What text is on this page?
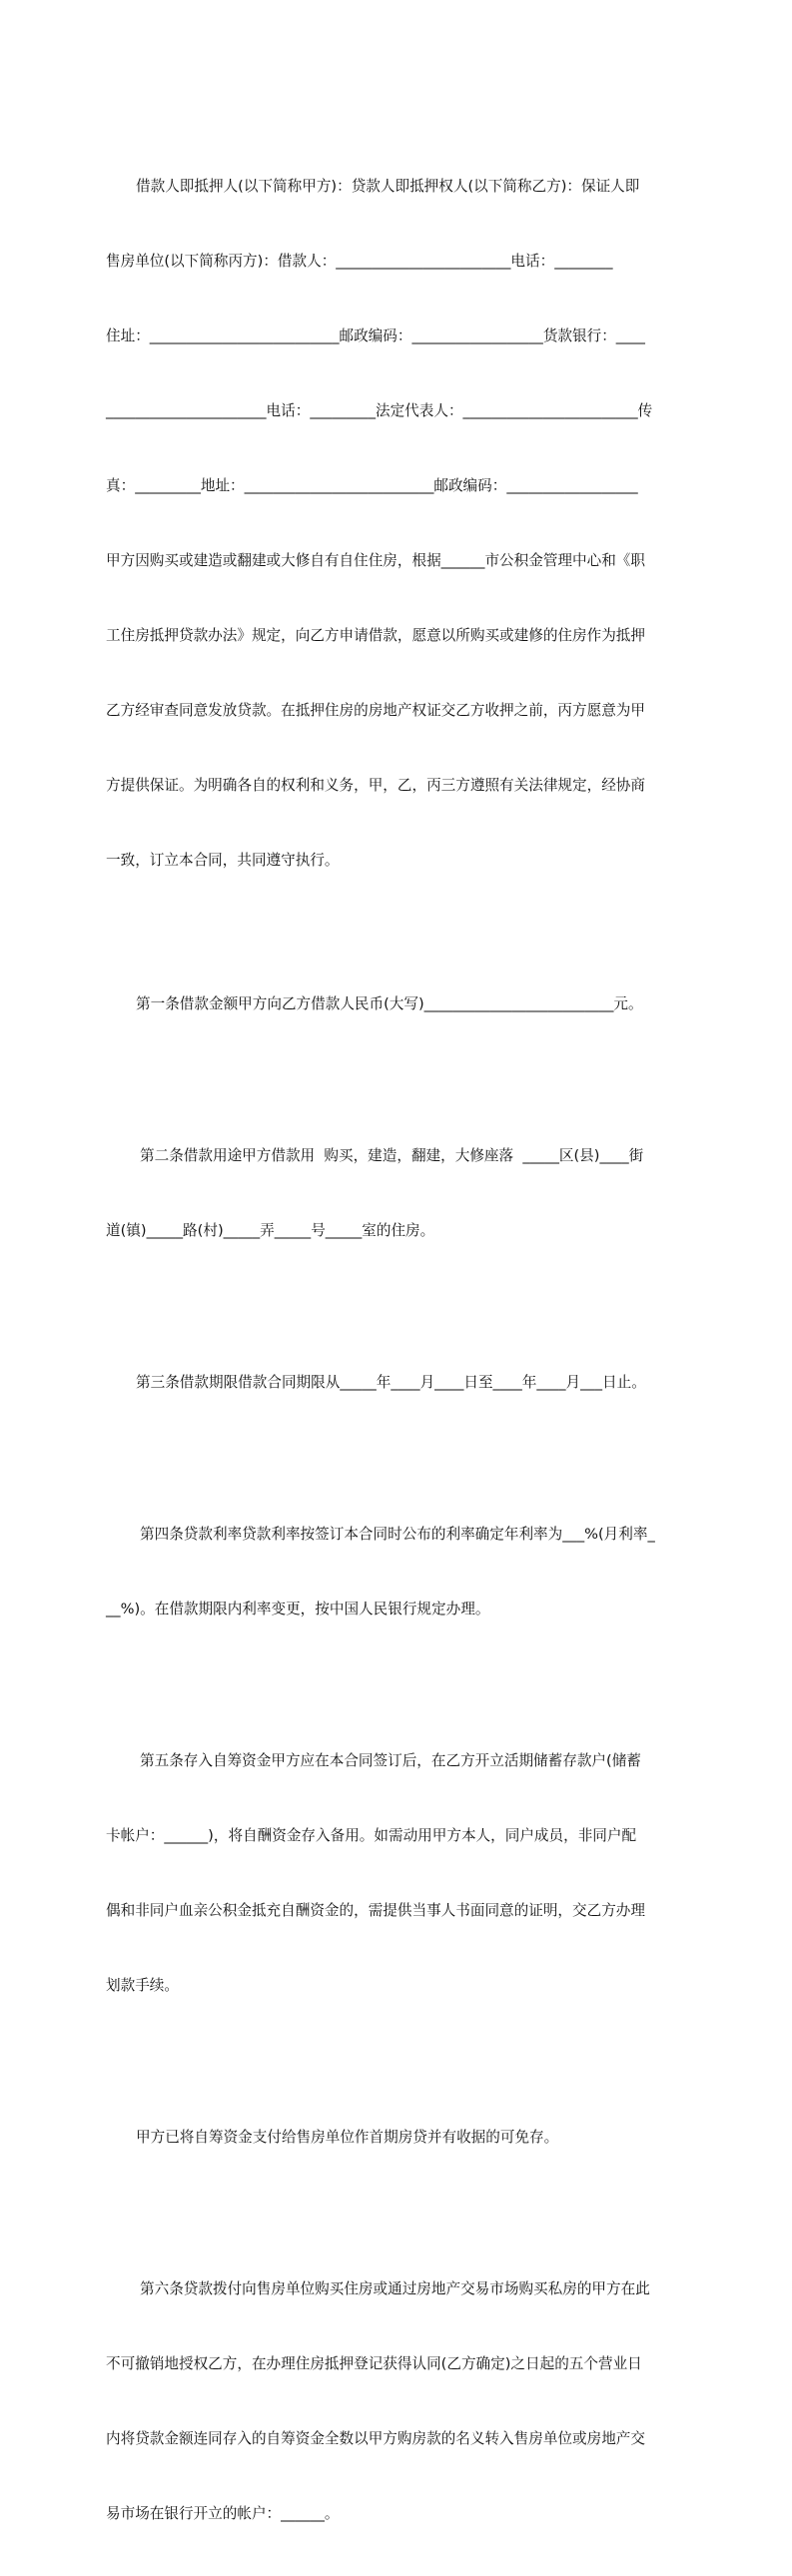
借款人即抵押人(以下简称甲方)：贷款人即抵押权人(以下简称乙方)：保证人即

售房单位(以下简称丙方)：借款人：________________________电话：________

住址：__________________________邮政编码：__________________货款银行：____

______________________电话：_________法定代表人：________________________传

真：_________地址：__________________________邮政编码：__________________

甲方因购买或建造或翻建或大修自有自住住房，根据______市公积金管理中心和《职

工住房抵押贷款办法》规定，向乙方申请借款，愿意以所购买或建修的住房作为抵押

乙方经审查同意发放贷款。在抵押住房的房地产权证交乙方收押之前，丙方愿意为甲

方提供保证。为明确各自的权利和义务，甲，乙，丙三方遵照有关法律规定，经协商

一致，订立本合同，共同遵守执行。

第一条借款金额甲方向乙方借款人民币(大写)__________________________元。

第二条借款用途甲方借款用  购买，建造，翻建，大修座落  _____区(县)____街

道(镇)_____路(村)_____弄_____号_____室的住房。

第三条借款期限借款合同期限从_____年____月____日至____年____月___日止。

第四条贷款利率贷款利率按签订本合同时公布的利率确定年利率为___%(月利率_

__%)。在借款期限内利率变更，按中国人民银行规定办理。

第五条存入自筹资金甲方应在本合同签订后，在乙方开立活期储蓄存款户(储蓄

卡帐户：______)，将自酬资金存入备用。如需动用甲方本人，同户成员，非同户配

偶和非同户血亲公积金抵充自酬资金的，需提供当事人书面同意的证明，交乙方办理

划款手续。

甲方已将自筹资金支付给售房单位作首期房贷并有收据的可免存。

第六条贷款拨付向售房单位购买住房或通过房地产交易市场购买私房的甲方在此

不可撤销地授权乙方，在办理住房抵押登记获得认同(乙方确定)之日起的五个营业日

内将贷款金额连同存入的自筹资金全数以甲方购房款的名义转入售房单位或房地产交

易市场在银行开立的帐户：______。
